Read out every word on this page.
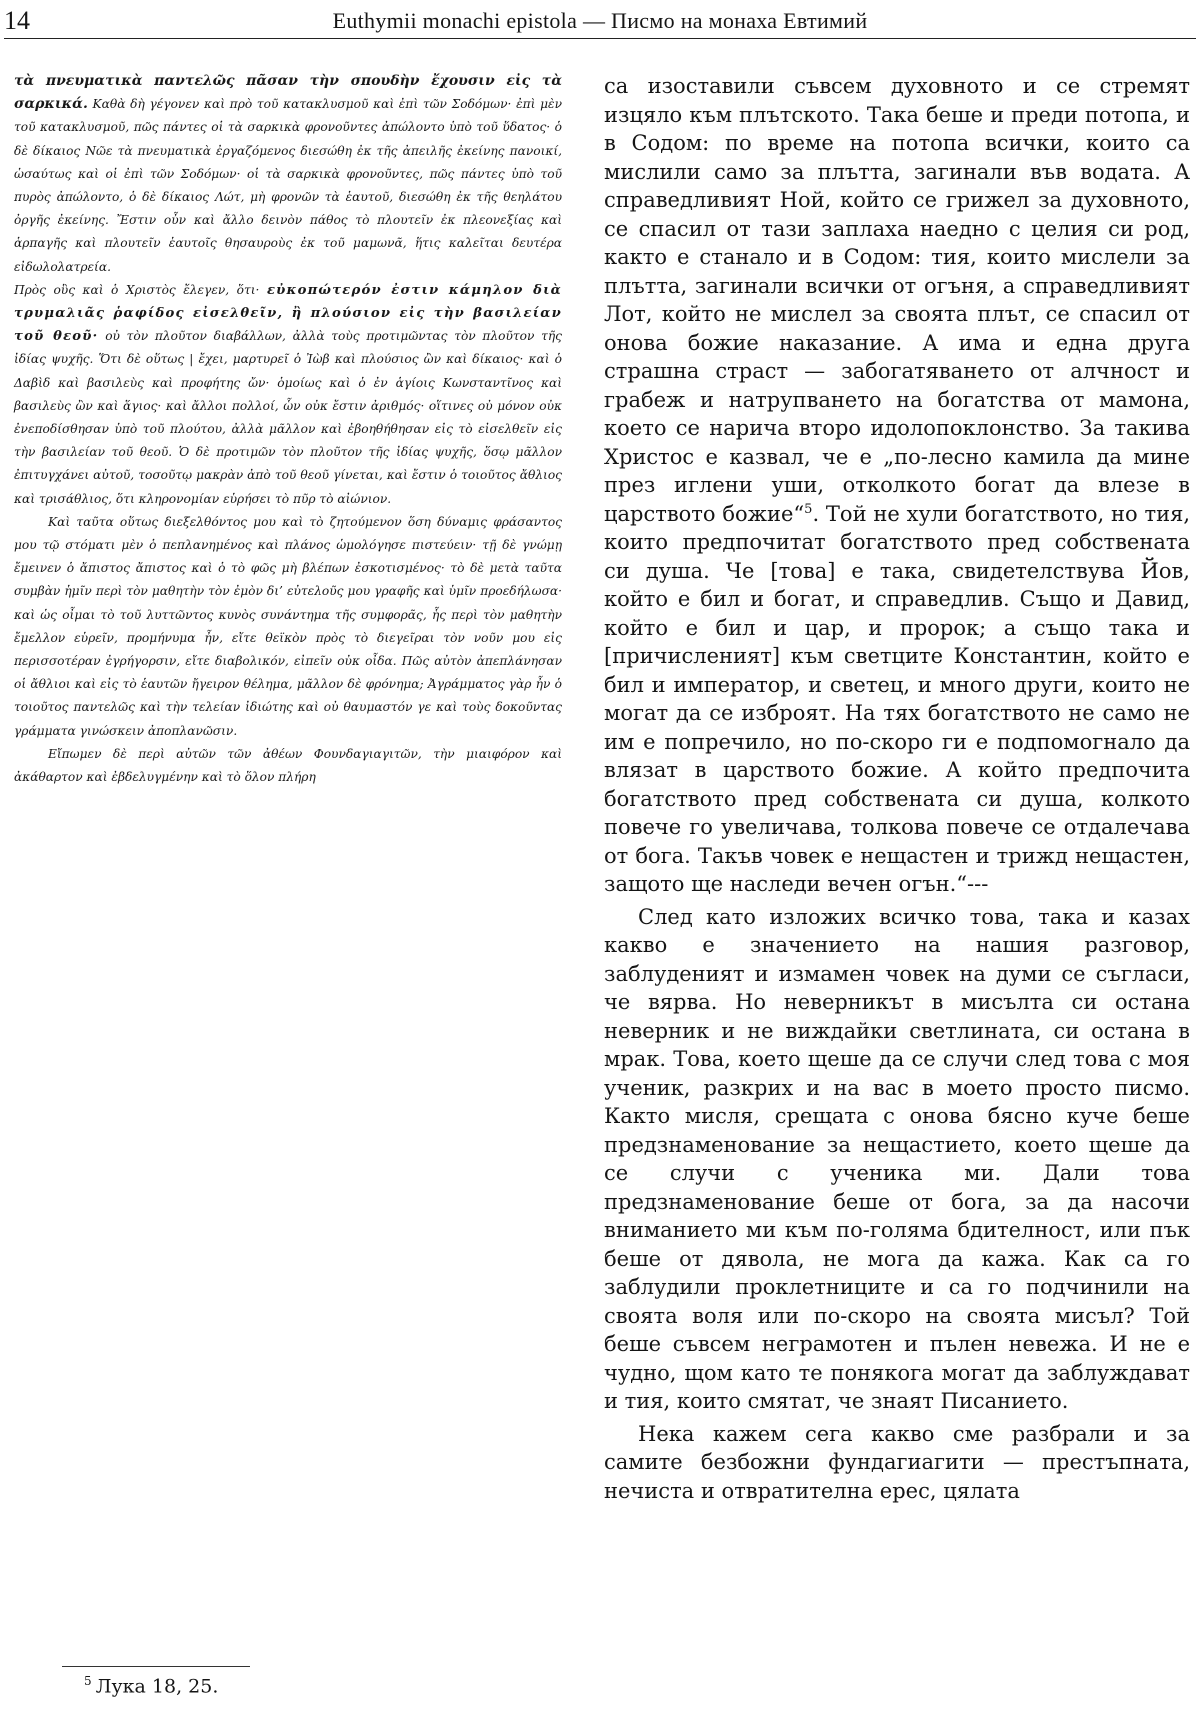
14	Euthymii monachi epistola — Писмо на монаха Евтимий

τὰ πνευματικὰ παντελῶς πᾶσαν τὴν σπουδὴν ἔχουσιν εἰς τὰ σαρκικά. Καθὰ δὴ γέγονεν καὶ πρὸ τοῦ κατακλυσμοῦ καὶ ἐπὶ τῶν Σοδόμων· ἐπὶ μὲν τοῦ κατακλυσμοῦ, πῶς πάντες οἱ τὰ σαρκικὰ φρονοῦντες ἀπώλοντο ὑπὸ τοῦ ὕδατος· ὁ δὲ δίκαιος Νῶε τὰ πνευματικὰ ἐργαζόμενος διεσώθη ἐκ τῆς ἀπειλῆς ἐκείνης πανοικί, ὡσαύτως καὶ οἱ ἐπὶ τῶν Σοδόμων· οἱ τὰ σαρκικὰ φρονοῦντες, πῶς πάντες ὑπὸ τοῦ πυρὸς ἀπώλοντο, ὁ δὲ δίκαιος Λώτ, μὴ φρονῶν τὰ ἑαυτοῦ, διεσώθη ἐκ τῆς θεηλάτου ὀργῆς ἐκείνης. Ἔστιν οὖν καὶ ἄλλο δεινὸν πάθος τὸ πλουτεῖν ἐκ πλεονεξίας καὶ ἁρπαγῆς καὶ πλουτεῖν ἑαυτοῖς θησαυροὺς ἐκ τοῦ μαμωνᾶ, ἥτις καλεῖται δευτέρα εἰδωλολατρεία.

Πρὸς οὓς καὶ ὁ Χριστὸς ἔλεγεν, ὅτι· εὐκοπώτερόν ἐστιν κάμηλον διὰ τρυμαλιᾶς ῥαφίδος εἰσελθεῖν, ἢ πλούσιον εἰς τὴν βασιλείαν τοῦ θεοῦ· οὐ τὸν πλοῦτον διαβάλλων, ἀλλὰ τοὺς προτιμῶντας τὸν πλοῦτον τῆς ἰδίας ψυχῆς. Ὅτι δὲ οὕτως | ἔχει, μαρτυρεῖ ὁ Ἰὼβ καὶ πλούσιος ὢν καὶ δίκαιος· καὶ ὁ Δαβὶδ καὶ βασιλεὺς καὶ προφήτης ὤν· ὁμοίως καὶ ὁ ἐν ἁγίοις Κωνσταντῖνος καὶ βασιλεὺς ὢν καὶ ἅγιος· καὶ ἄλλοι πολλοί, ὧν οὐκ ἔστιν ἀριθμός· οἵτινες οὐ μόνον οὐκ ἐνεποδίσθησαν ὑπὸ τοῦ πλούτου, ἀλλὰ μᾶλλον καὶ ἐβοηθήθησαν εἰς τὸ εἰσελθεῖν εἰς τὴν βασιλείαν τοῦ θεοῦ. Ὁ δὲ προτιμῶν τὸν πλοῦτον τῆς ἰδίας ψυχῆς, ὅσῳ μᾶλλον ἐπιτυγχάνει αὐτοῦ, τοσοῦτῳ μακρὰν ἀπὸ τοῦ θεοῦ γίνεται, καὶ ἔστιν ὁ τοιοῦτος ἄθλιος καὶ τρισάθλιος, ὅτι κληρονομίαν εὑρήσει τὸ πῦρ τὸ αἰώνιον.

Καὶ ταῦτα οὕτως διεξελθόντος μου καὶ τὸ ζητούμενον ὅση δύναμις φράσαντος μου τῷ στόματι μὲν ὁ πεπλανημένος καὶ πλάνος ὡμολόγησε πιστεύειν· τῇ δὲ γνώμῃ ἔμεινεν ὁ ἄπιστος ἄπιστος καὶ ὁ τὸ φῶς μὴ βλέπων ἐσκοτισμένος· τὸ δὲ μετὰ ταῦτα συμβὰν ἡμῖν περὶ τὸν μαθητὴν τὸν ἐμὸν δι’ εὐτελοῦς μου γραφῆς καὶ ὑμῖν προεδήλωσα· καὶ ὡς οἶμαι τὸ τοῦ λυττῶντος κυνὸς συνάντημα τῆς συμφορᾶς, ἧς περὶ τὸν μαθητὴν ἔμελλον εὑρεῖν, προμήνυμα ἦν, εἴτε θεϊκὸν πρὸς τὸ διεγεῖραι τὸν νοῦν μου εἰς περισσοτέραν ἐγρήγορσιν, εἴτε διαβολικόν, εἰπεῖν οὐκ οἶδα. Πῶς αὐτὸν ἀπεπλάνησαν οἱ ἄθλιοι καὶ εἰς τὸ ἑαυτῶν ἤγειρον θέλημα, μᾶλλον δὲ φρόνημα; Ἀγράμματος γὰρ ἦν ὁ τοιοῦτος παντελῶς καὶ τὴν τελείαν ἰδιώτης καὶ οὐ θαυμαστόν γε καὶ τοὺς δοκοῦντας γράμματα γινώσκειν ἀποπλανῶσιν.

Εἴπωμεν δὲ περὶ αὐτῶν τῶν ἀθέων Φουνδαγιαγιτῶν, τὴν μιαιφόρον καὶ ἀκάθαρτον καὶ ἐβδελυγμένην καὶ τὸ ὅλον πλήρη

са изоставили съвсем духовното и се стремят изцяло към плътското. Така беше и преди потопа, и в Содом: по време на потопа всички, които са мислили само за плътта, загинали във водата. А справедливият Ной, който се грижел за духовното, се спасил от тази заплаха наедно с целия си род, както е станало и в Содом: тия, които мислели за плътта, загинали всички от огъня, а справедливият Лот, който не мислел за своята плът, се спасил от онова божие наказание. А има и една друга страшна страст — забогатяването от алчност и грабеж и натрупването на богатства от мамона, което се нарича второ идолопоклонство. За такива Христос е казвал, че е „по-лесно камила да мине през иглени уши, отколкото богат да влезе в царството божие“$^5$. Той не хули богатството, но тия, които предпочитат богатството пред собствената си душа. Че [това] е така, свидетелствува Йов, който е бил и богат, и справедлив. Също и Давид, който е бил и цар, и пророк; а също така и [причисленият] към светците Константин, който е бил и император, и светец, и много други, които не могат да се изброят. На тях богатството не само не им е попречило, но по-скоро ги е подпомогнало да влязат в царството божие. А който предпочита богатството пред собствената си душа, колкото повече го увеличава, толкова повече се отдалечава от бога. Такъв човек е нещастен и трижд нещастен, защото ще наследи вечен огън.“---

След като изложих всичко това, така и казах какво е значението на нашия разговор, заблуденият и измамен човек на думи се съгласи, че вярва. Но неверникът в мисълта си остана неверник и не виждайки светлината, си остана в мрак. Това, което щеше да се случи след това с моя ученик, разкрих и на вас в моето просто писмо. Както мисля, срещата с онова бясно куче беше предзнаменование за нещастието, което щеше да се случи с ученика ми. Дали това предзнаменование беше от бога, за да насочи вниманието ми към по-голяма бдителност, или пък беше от дявола, не мога да кажа. Как са го заблудили проклетниците и са го подчинили на своята воля или по-скоро на своята мисъл? Той беше съвсем неграмотен и пълен невежа. И не е чудно, щом като те понякога могат да заблуждават и тия, които смятат, че знаят Писанието.

Нека кажем сега какво сме разбрали и за самите безбожни фундагиагити — престъпната, нечиста и отвратителна ерес, цялата

$^5$ Лука 18, 25.
